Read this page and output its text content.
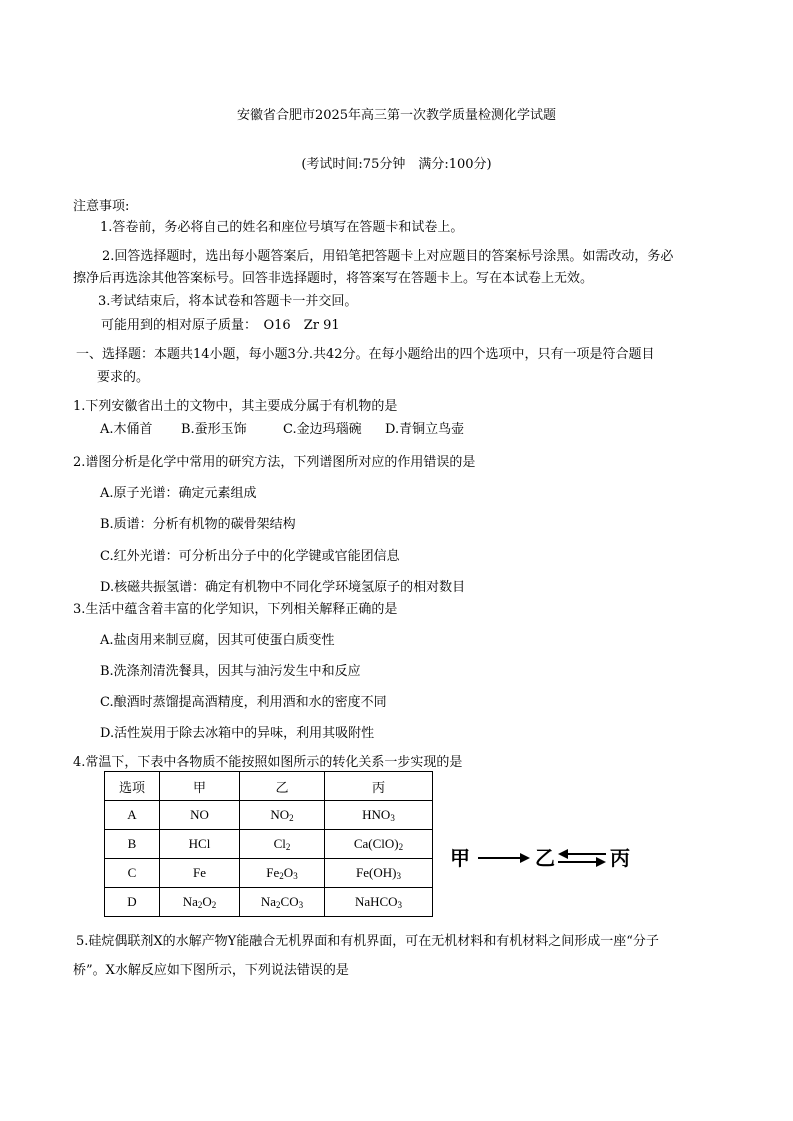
安徽省合肥市2025年高三第一次教学质量检测化学试题
(考试时间:75分钟　满分:100分)
注意事项:
1.答卷前，务必将自己的姓名和座位号填写在答题卡和试卷上。
2.回答选择题时，选出每小题答案后，用铅笔把答题卡上对应题目的答案标号涂黑。如需改动，务必
擦净后再选涂其他答案标号。回答非选择题时，将答案写在答题卡上。写在本试卷上无效。
3.考试结束后，将本试卷和答题卡一并交回。
可能用到的相对原子质量：　O16　Zr 91
一、选择题：本题共14小题，每小题3分.共42分。在每小题给出的四个选项中，只有一项是符合题目
要求的。
1.下列安徽省出土的文物中，其主要成分属于有机物的是
A.木俑首 B.蚕形玉饰	C.金边玛瑙碗 D.青铜立鸟壶
2.谱图分析是化学中常用的研究方法，下列谱图所对应的作用错误的是
A.原子光谱：确定元素组成
B.质谱：分析有机物的碳骨架结构
C.红外光谱：可分析出分子中的化学键或官能团信息
D.核磁共振氢谱：确定有机物中不同化学环境氢原子的相对数目
3.生活中蕴含着丰富的化学知识，下列相关解释正确的是
A.盐卤用来制豆腐，因其可使蛋白质变性
B.洗涤剂清洗餐具，因其与油污发生中和反应
C.酿酒时蒸馏提高酒精度，利用酒和水的密度不同
D.活性炭用于除去冰箱中的异味，利用其吸附性
4.常温下，下表中各物质不能按照如图所示的转化关系一步实现的是
选项	甲	乙	丙
A	NO	$NO_2$	$HNO_3$
B	HCl	$Cl_2$	$Ca(ClO)_2$
C	Fe	$Fe_2O_3$	$Fe(OH)_3$
D	$Na_2O_2$	$Na_2CO_3$	NaHCO$_3$
甲	乙 ⇌ 丙
5.硅烷偶联剂X的水解产物Y能融合无机界面和有机界面，可在无机材料和有机材料之间形成一座“分子
桥”。X水解反应如下图所示，下列说法错误的是
